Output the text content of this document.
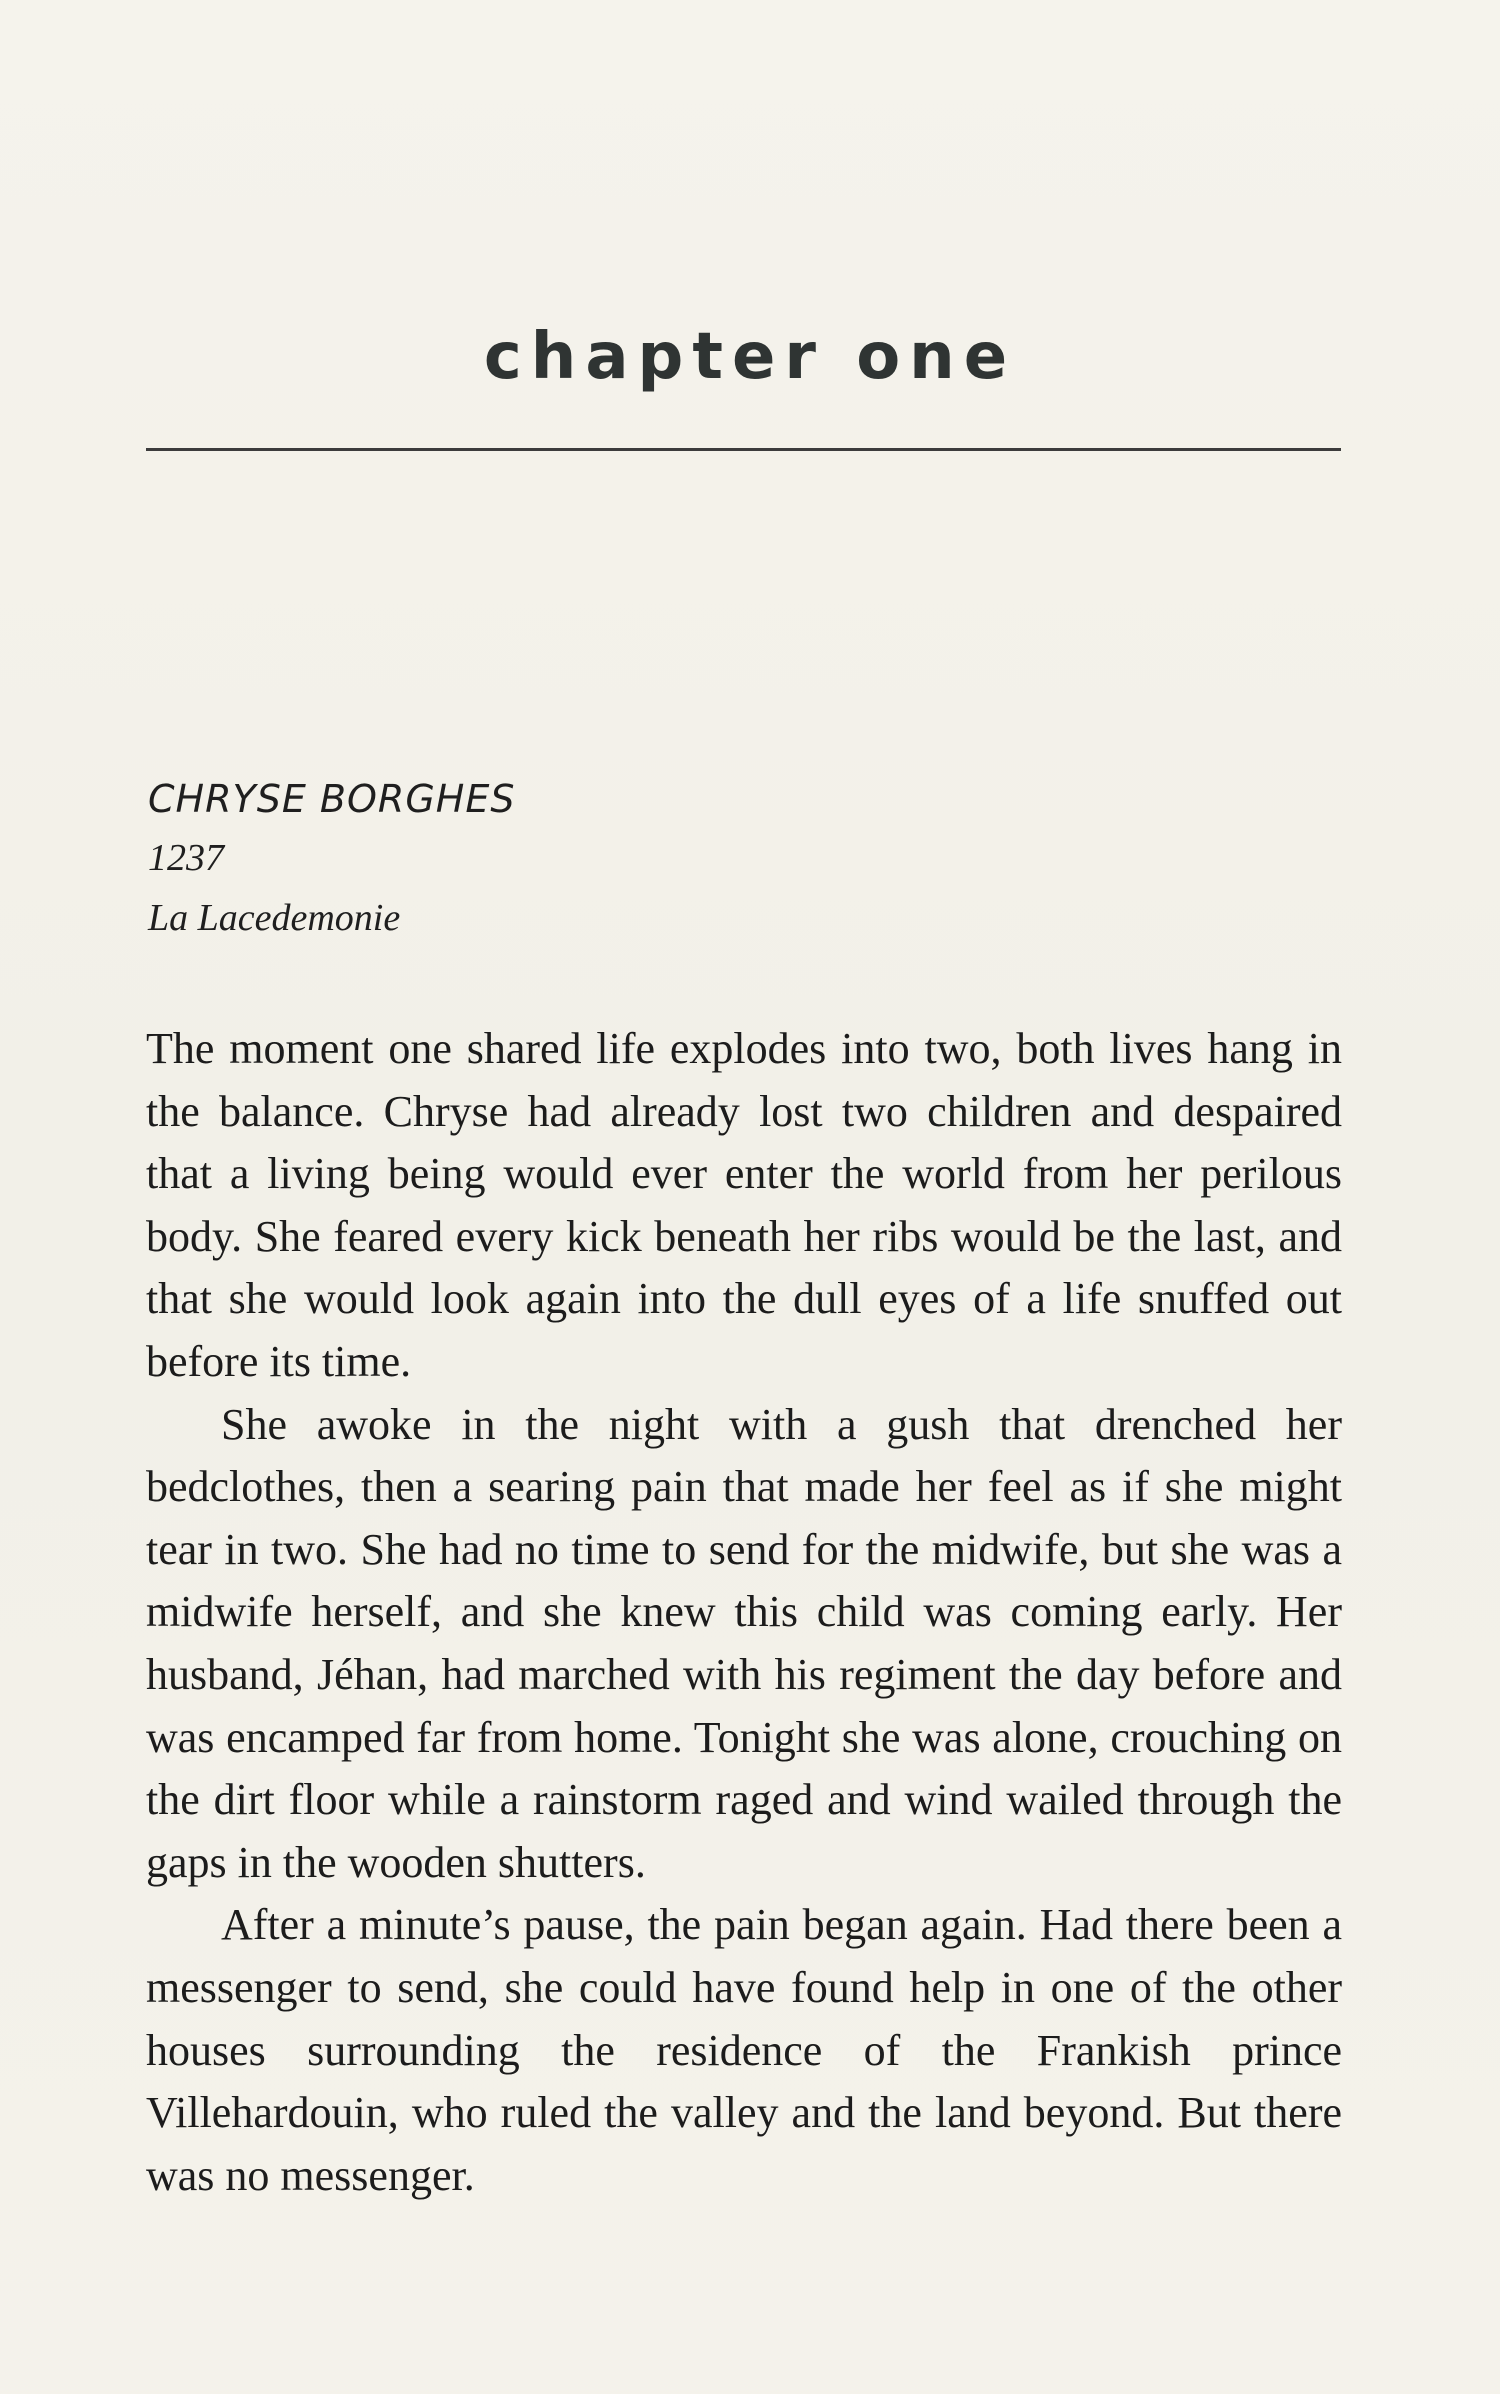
chapter one
CHRYSE BORGHES
1237
La Lacedemonie

The moment one shared life explodes into two, both lives hang in the balance. Chryse had already lost two children and despaired that a living being would ever enter the world from her perilous body. She feared every kick beneath her ribs would be the last, and that she would look again into the dull eyes of a life snuffed out before its time.

She awoke in the night with a gush that drenched her bedclothes, then a searing pain that made her feel as if she might tear in two. She had no time to send for the midwife, but she was a midwife herself, and she knew this child was coming early. Her husband, Jéhan, had marched with his regiment the day before and was encamped far from home. Tonight she was alone, crouching on the dirt floor while a rainstorm raged and wind wailed through the gaps in the wooden shutters.

After a minute’s pause, the pain began again. Had there been a messenger to send, she could have found help in one of the other houses surrounding the residence of the Frankish prince Villehardouin, who ruled the valley and the land beyond. But there was no messenger.
